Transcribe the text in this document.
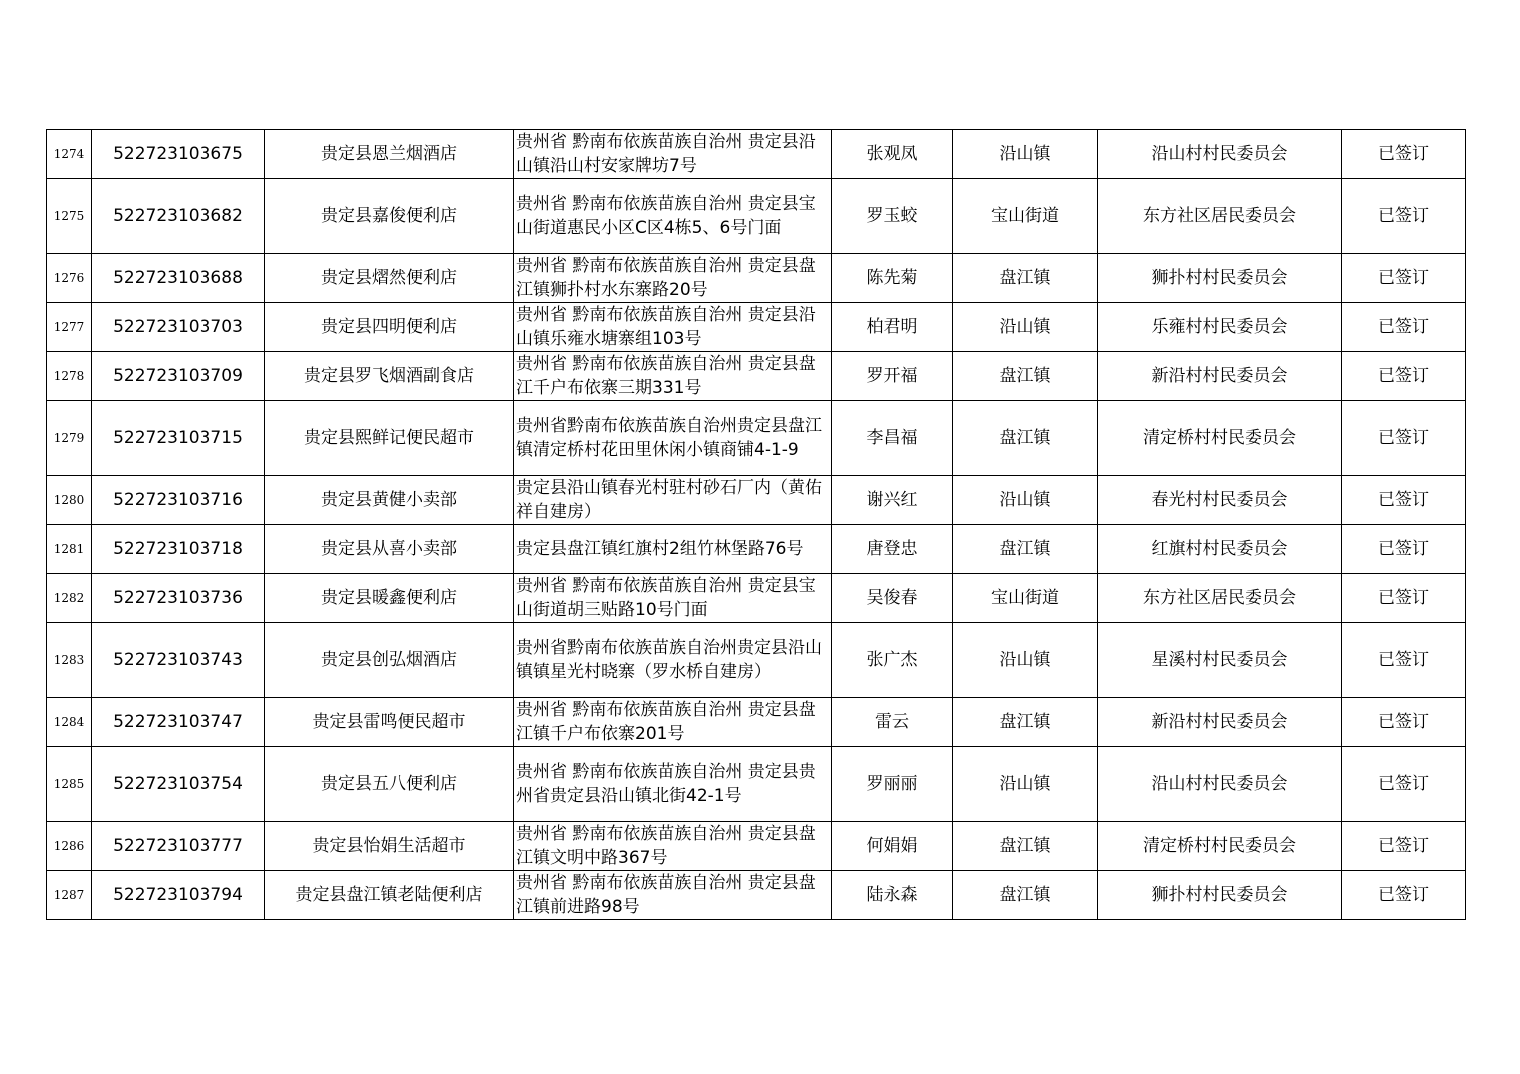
1274	522723103675	贵定县恩兰烟酒店	贵州省 黔南布依族苗族自治州 贵定县沿山镇沿山村安家牌坊7号	张观凤	沿山镇	沿山村村民委员会	已签订
1275	522723103682	贵定县嘉俊便利店	贵州省 黔南布依族苗族自治州 贵定县宝山街道惠民小区C区4栋5、6号门面	罗玉蛟	宝山街道	东方社区居民委员会	已签订
1276	522723103688	贵定县熠然便利店	贵州省 黔南布依族苗族自治州 贵定县盘江镇狮扑村水东寨路20号	陈先菊	盘江镇	狮扑村村民委员会	已签订
1277	522723103703	贵定县四明便利店	贵州省 黔南布依族苗族自治州 贵定县沿山镇乐雍水塘寨组103号	柏君明	沿山镇	乐雍村村民委员会	已签订
1278	522723103709	贵定县罗飞烟酒副食店	贵州省 黔南布依族苗族自治州 贵定县盘江千户布依寨三期331号	罗开福	盘江镇	新沿村村民委员会	已签订
1279	522723103715	贵定县熙鲜记便民超市	贵州省黔南布依族苗族自治州贵定县盘江镇清定桥村花田里休闲小镇商铺4-1-9	李昌福	盘江镇	清定桥村村民委员会	已签订
1280	522723103716	贵定县黄健小卖部	贵定县沿山镇春光村驻村砂石厂内（黄佑祥自建房）	谢兴红	沿山镇	春光村村民委员会	已签订
1281	522723103718	贵定县从喜小卖部	贵定县盘江镇红旗村2组竹林堡路76号	唐登忠	盘江镇	红旗村村民委员会	已签订
1282	522723103736	贵定县暖鑫便利店	贵州省 黔南布依族苗族自治州 贵定县宝山街道胡三贴路10号门面	吴俊春	宝山街道	东方社区居民委员会	已签订
1283	522723103743	贵定县创弘烟酒店	贵州省黔南布依族苗族自治州贵定县沿山镇镇星光村晓寨（罗水桥自建房）	张广杰	沿山镇	星溪村村民委员会	已签订
1284	522723103747	贵定县雷鸣便民超市	贵州省 黔南布依族苗族自治州 贵定县盘江镇千户布依寨201号	雷云	盘江镇	新沿村村民委员会	已签订
1285	522723103754	贵定县五八便利店	贵州省 黔南布依族苗族自治州 贵定县贵州省贵定县沿山镇北街42-1号	罗丽丽	沿山镇	沿山村村民委员会	已签订
1286	522723103777	贵定县怡娟生活超市	贵州省 黔南布依族苗族自治州 贵定县盘江镇文明中路367号	何娟娟	盘江镇	清定桥村村民委员会	已签订
1287	522723103794	贵定县盘江镇老陆便利店	贵州省 黔南布依族苗族自治州 贵定县盘江镇前进路98号	陆永森	盘江镇	狮扑村村民委员会	已签订
